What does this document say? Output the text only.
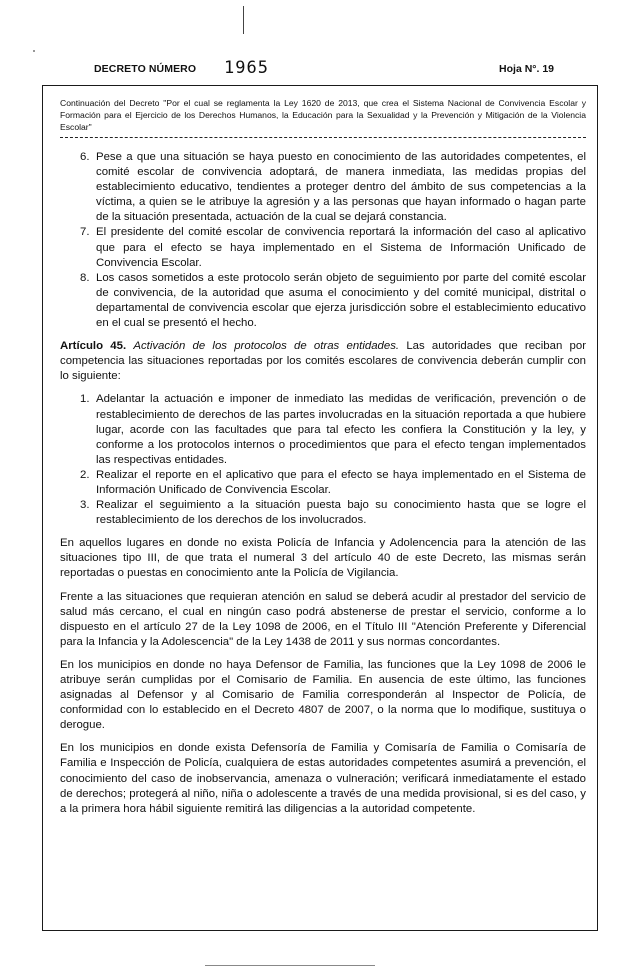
DECRETO NÚMERO 1965	Hoja N°. 19
Continuación del Decreto "Por el cual se reglamenta la Ley 1620 de 2013, que crea el Sistema Nacional de Convivencia Escolar y Formación para el Ejercicio de los Derechos Humanos, la Educación para la Sexualidad y la Prevención y Mitigación de la Violencia Escolar"
6. Pese a que una situación se haya puesto en conocimiento de las autoridades competentes, el comité escolar de convivencia adoptará, de manera inmediata, las medidas propias del establecimiento educativo, tendientes a proteger dentro del ámbito de sus competencias a la víctima, a quien se le atribuye la agresión y a las personas que hayan informado o hagan parte de la situación presentada, actuación de la cual se dejará constancia.
7. El presidente del comité escolar de convivencia reportará la información del caso al aplicativo que para el efecto se haya implementado en el Sistema de Información Unificado de Convivencia Escolar.
8. Los casos sometidos a este protocolo serán objeto de seguimiento por parte del comité escolar de convivencia, de la autoridad que asuma el conocimiento y del comité municipal, distrital o departamental de convivencia escolar que ejerza jurisdicción sobre el establecimiento educativo en el cual se presentó el hecho.

Artículo 45. Activación de los protocolos de otras entidades. Las autoridades que reciban por competencia las situaciones reportadas por los comités escolares de convivencia deberán cumplir con lo siguiente:

1. Adelantar la actuación e imponer de inmediato las medidas de verificación, prevención o de restablecimiento de derechos de las partes involucradas en la situación reportada a que hubiere lugar, acorde con las facultades que para tal efecto les confiera la Constitución y la ley, y conforme a los protocolos internos o procedimientos que para el efecto tengan implementados las respectivas entidades.
2. Realizar el reporte en el aplicativo que para el efecto se haya implementado en el Sistema de Información Unificado de Convivencia Escolar.
3. Realizar el seguimiento a la situación puesta bajo su conocimiento hasta que se logre el restablecimiento de los derechos de los involucrados.

En aquellos lugares en donde no exista Policía de Infancia y Adolencencia para la atención de las situaciones tipo III, de que trata el numeral 3 del artículo 40 de este Decreto, las mismas serán reportadas o puestas en conocimiento ante la Policía de Vigilancia.

Frente a las situaciones que requieran atención en salud se deberá acudir al prestador del servicio de salud más cercano, el cual en ningún caso podrá abstenerse de prestar el servicio, conforme a lo dispuesto en el artículo 27 de la Ley 1098 de 2006, en el Título III "Atención Preferente y Diferencial para la Infancia y la Adolescencia" de la Ley 1438 de 2011 y sus normas concordantes.

En los municipios en donde no haya Defensor de Familia, las funciones que la Ley 1098 de 2006 le atribuye serán cumplidas por el Comisario de Familia. En ausencia de este último, las funciones asignadas al Defensor y al Comisario de Familia corresponderán al Inspector de Policía, de conformidad con lo establecido en el Decreto 4807 de 2007, o la norma que lo modifique, sustituya o derogue.

En los municipios en donde exista Defensoría de Familia y Comisaría de Familia o Comisaría de Familia e Inspección de Policía, cualquiera de estas autoridades competentes asumirá a prevención, el conocimiento del caso de inobservancia, amenaza o vulneración; verificará inmediatamente el estado de derechos; protegerá al niño, niña o adolescente a través de una medida provisional, si es del caso, y a la primera hora hábil siguiente remitirá las diligencias a la autoridad competente.
